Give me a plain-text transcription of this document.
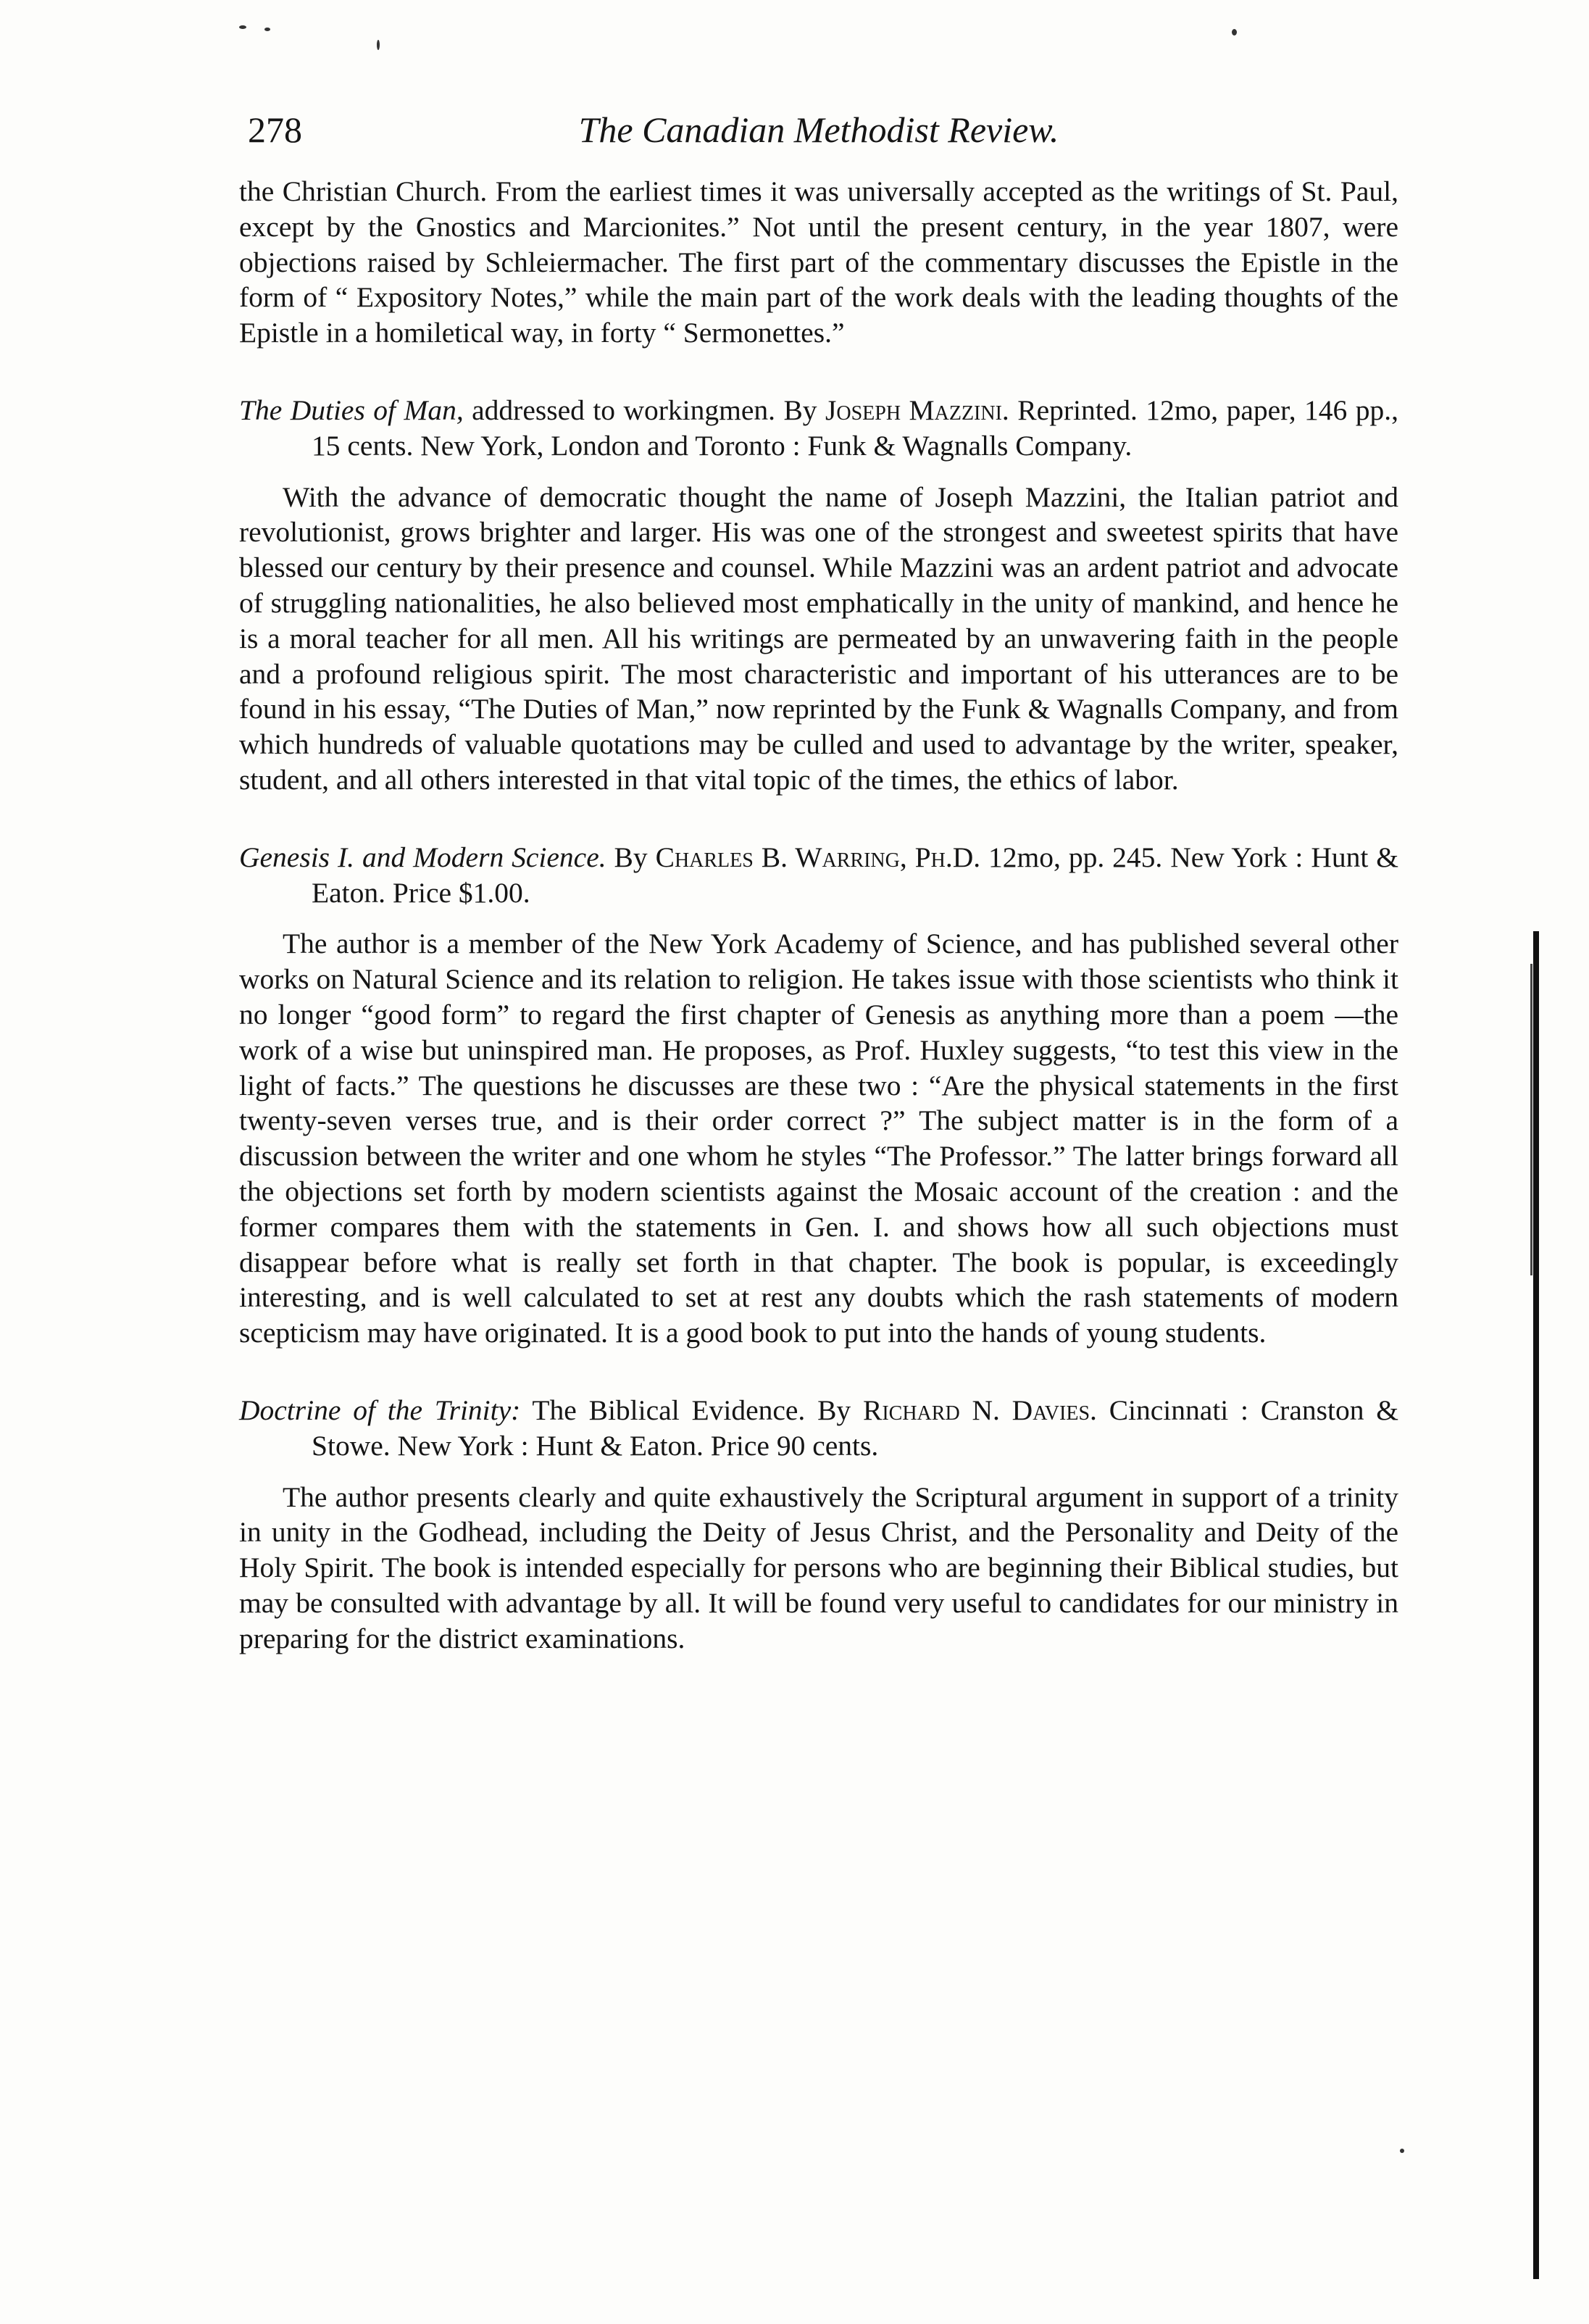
278	The Canadian Methodist Review.

the Christian Church. From the earliest times it was universally accepted as the writings of St. Paul, except by the Gnostics and Marcionites.” Not until the present century, in the year 1807, were objections raised by Schleiermacher. The first part of the commentary discusses the Epistle in the form of “ Expository Notes,” while the main part of the work deals with the leading thoughts of the Epistle in a homiletical way, in forty “ Sermonettes.”

The Duties of Man, addressed to workingmen. By Joseph Mazzini. Reprinted. 12mo, paper, 146 pp., 15 cents. New York, London and Toronto : Funk & Wagnalls Company.

With the advance of democratic thought the name of Joseph Mazzini, the Italian patriot and revolutionist, grows brighter and larger. His was one of the strongest and sweetest spirits that have blessed our century by their presence and counsel. While Mazzini was an ardent patriot and advocate of struggling nationalities, he also believed most emphatically in the unity of mankind, and hence he is a moral teacher for all men. All his writings are permeated by an unwavering faith in the people and a profound religious spirit. The most characteristic and important of his utterances are to be found in his essay, “The Duties of Man,” now reprinted by the Funk & Wagnalls Company, and from which hundreds of valuable quotations may be culled and used to advantage by the writer, speaker, student, and all others interested in that vital topic of the times, the ethics of labor.

Genesis I. and Modern Science. By Charles B. Warring, Ph.D. 12mo, pp. 245. New York : Hunt & Eaton. Price $1.00.

The author is a member of the New York Academy of Science, and has published several other works on Natural Science and its relation to religion. He takes issue with those scientists who think it no longer “good form” to regard the first chapter of Genesis as anything more than a poem —the work of a wise but uninspired man. He proposes, as Prof. Huxley suggests, “to test this view in the light of facts.” The questions he discusses are these two : “Are the physical statements in the first twenty-seven verses true, and is their order correct ?” The subject matter is in the form of a discussion between the writer and one whom he styles “The Professor.” The latter brings forward all the objections set forth by modern scientists against the Mosaic account of the creation : and the former compares them with the statements in Gen. I. and shows how all such objections must disappear before what is really set forth in that chapter. The book is popular, is exceedingly interesting, and is well calculated to set at rest any doubts which the rash statements of modern scepticism may have originated. It is a good book to put into the hands of young students.

Doctrine of the Trinity: The Biblical Evidence. By Richard N. Davies. Cincinnati : Cranston & Stowe. New York : Hunt & Eaton. Price 90 cents.

The author presents clearly and quite exhaustively the Scriptural argument in support of a trinity in unity in the Godhead, including the Deity of Jesus Christ, and the Personality and Deity of the Holy Spirit. The book is intended especially for persons who are beginning their Biblical studies, but may be consulted with advantage by all. It will be found very useful to candidates for our ministry in preparing for the district examinations.
